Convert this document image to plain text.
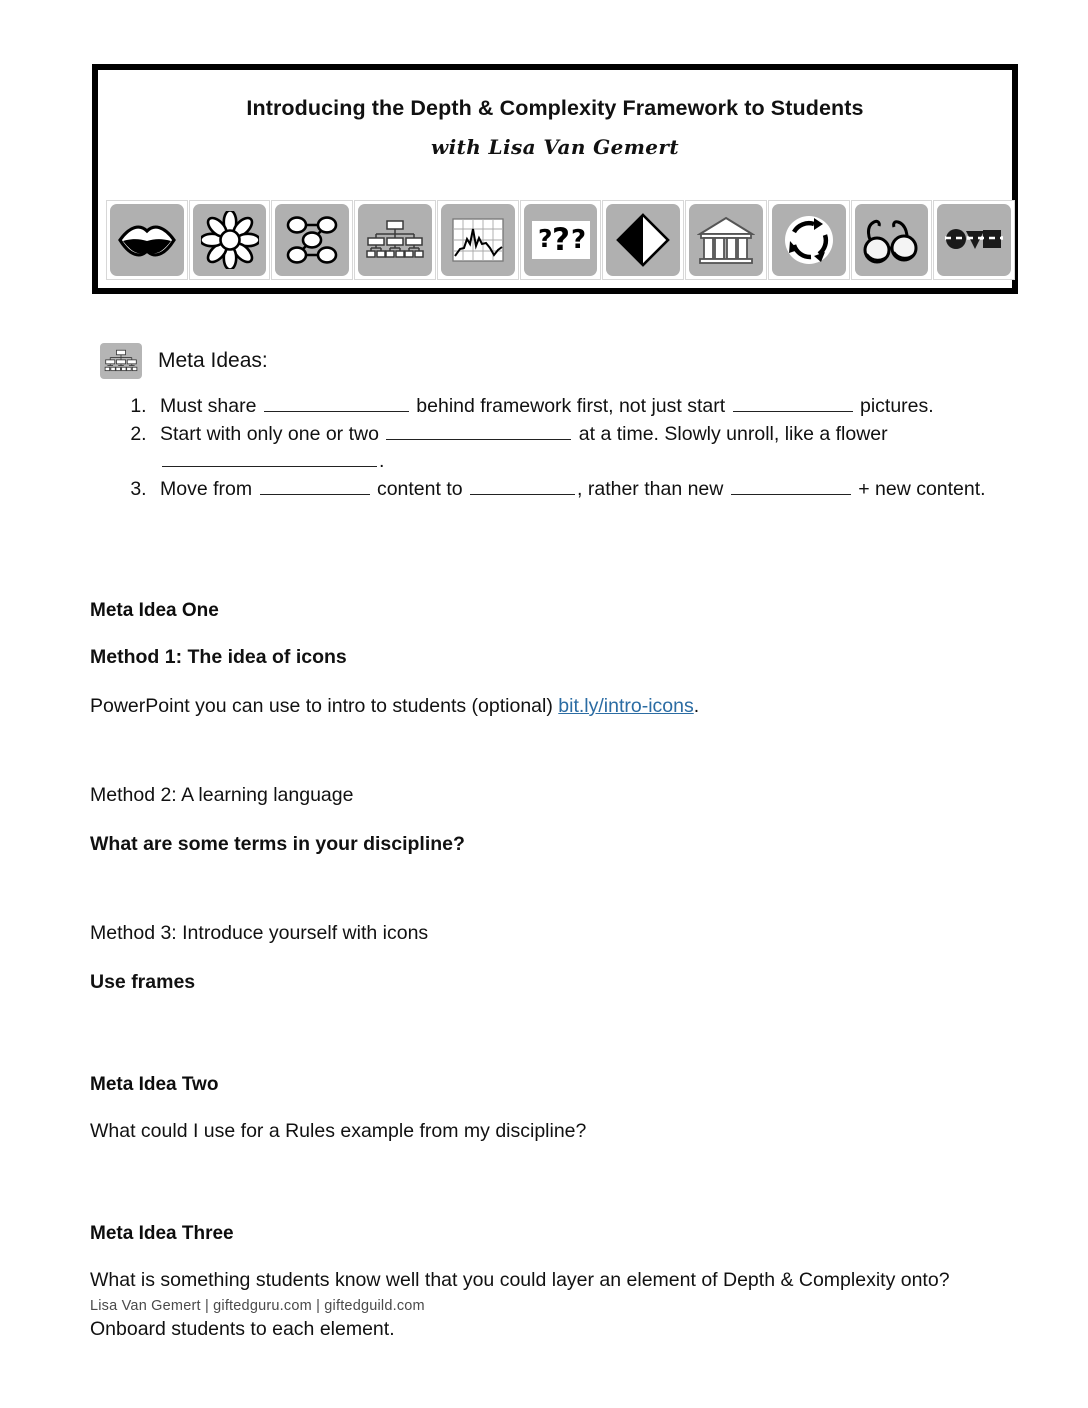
Introducing the Depth & Complexity Framework to Students
with Lisa Van Gemert
? ? ?
Meta Ideas:
1. Must share	behind framework first, not just start	pictures.
2. Start with only one or two	at a time. Slowly unroll, like a flower .
3. Move from	content to	, rather than new	+ new content.
Meta Idea One
Method 1: The idea of icons
PowerPoint you can use to intro to students (optional) bit.ly/intro-icons.
Method 2: A learning language
What are some terms in your discipline?
Method 3: Introduce yourself with icons
Use frames
Meta Idea Two
What could I use for a Rules example from my discipline?
Meta Idea Three
What is something students know well that you could layer an element of Depth & Complexity onto?
Onboard students to each element.
Lisa Van Gemert | giftedguru.com | giftedguild.com
